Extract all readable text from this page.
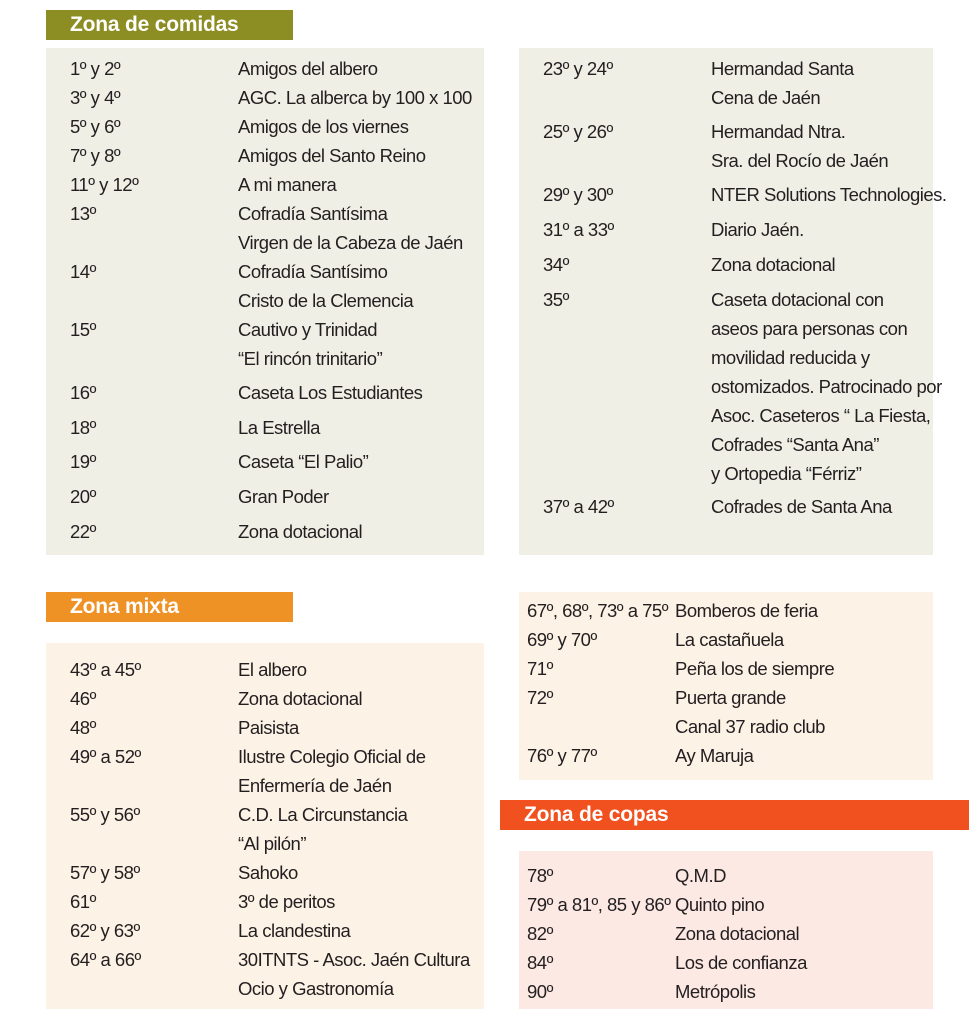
Zona de comidas
1º y 2º	Amigos del albero
3º y 4º	AGC. La alberca by 100 x 100
5º y 6º	Amigos de los viernes
7º y 8º	Amigos del Santo Reino
11º y 12º	A mi manera
13º	Cofradía Santísima
Virgen de la Cabeza de Jaén
14º	Cofradía Santísimo
Cristo de la Clemencia
15º	Cautivo y Trinidad
“El rincón trinitario”
16º	Caseta Los Estudiantes
18º	La Estrella
19º	Caseta “El Palio”
20º	Gran Poder
22º	Zona dotacional
23º y 24º	Hermandad Santa
Cena de Jaén
25º y 26º	Hermandad Ntra.
Sra. del Rocío de Jaén
29º y 30º	NTER Solutions Technologies.
31º a 33º	Diario Jaén.
34º	Zona dotacional
35º	Caseta dotacional con
aseos para personas con
movilidad reducida y
ostomizados. Patrocinado por
Asoc. Caseteros “ La Fiesta,
Cofrades “Santa Ana”
y Ortopedia “Férriz”
37º a 42º	Cofrades de Santa Ana
Zona mixta
43º a 45º	El albero
46º	Zona dotacional
48º	Paisista
49º a 52º	Ilustre Colegio Oficial de
Enfermería de Jaén
55º y 56º	C.D. La Circunstancia
“Al pilón”
57º y 58º	Sahoko
61º	3º de peritos
62º y 63º	La clandestina
64º a 66º	30ITNTS - Asoc. Jaén Cultura
Ocio y Gastronomía
67º, 68º, 73º a 75º Bomberos de feria
69º y 70º	La castañuela
71º	Peña los de siempre
72º	Puerta grande
Canal 37 radio club
76º y 77º	Ay Maruja
Zona de copas
78º	Q.M.D
79º a 81º, 85 y 86º Quinto pino
82º	Zona dotacional
84º	Los de confianza
90º	Metrópolis
